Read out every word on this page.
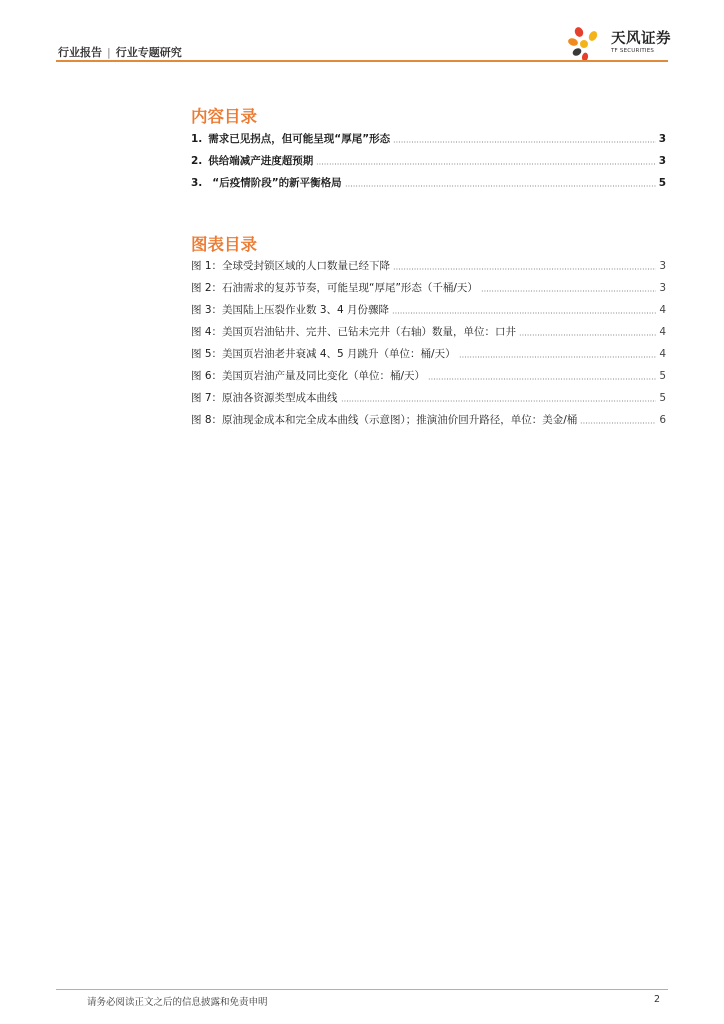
行业报告 | 行业专题研究
天风证券
TF SECURITIES
内容目录
1. 需求已见拐点，但可能呈现“厚尾”形态	3
2. 供给端减产进度超预期	3
3. “后疫情阶段”的新平衡格局	5
图表目录
图 1：全球受封锁区域的人口数量已经下降	3
图 2：石油需求的复苏节奏，可能呈现“厚尾”形态（千桶/天）	3
图 3：美国陆上压裂作业数 3、4 月份骤降	4
图 4：美国页岩油钻井、完井、已钻未完井（右轴）数量，单位：口井	4
图 5：美国页岩油老井衰减 4、5 月跳升（单位：桶/天）	4
图 6：美国页岩油产量及同比变化（单位：桶/天）	5
图 7：原油各资源类型成本曲线	5
图 8：原油现金成本和完全成本曲线（示意图）；推演油价回升路径，单位：美金/桶	6
请务必阅读正文之后的信息披露和免责申明	2
